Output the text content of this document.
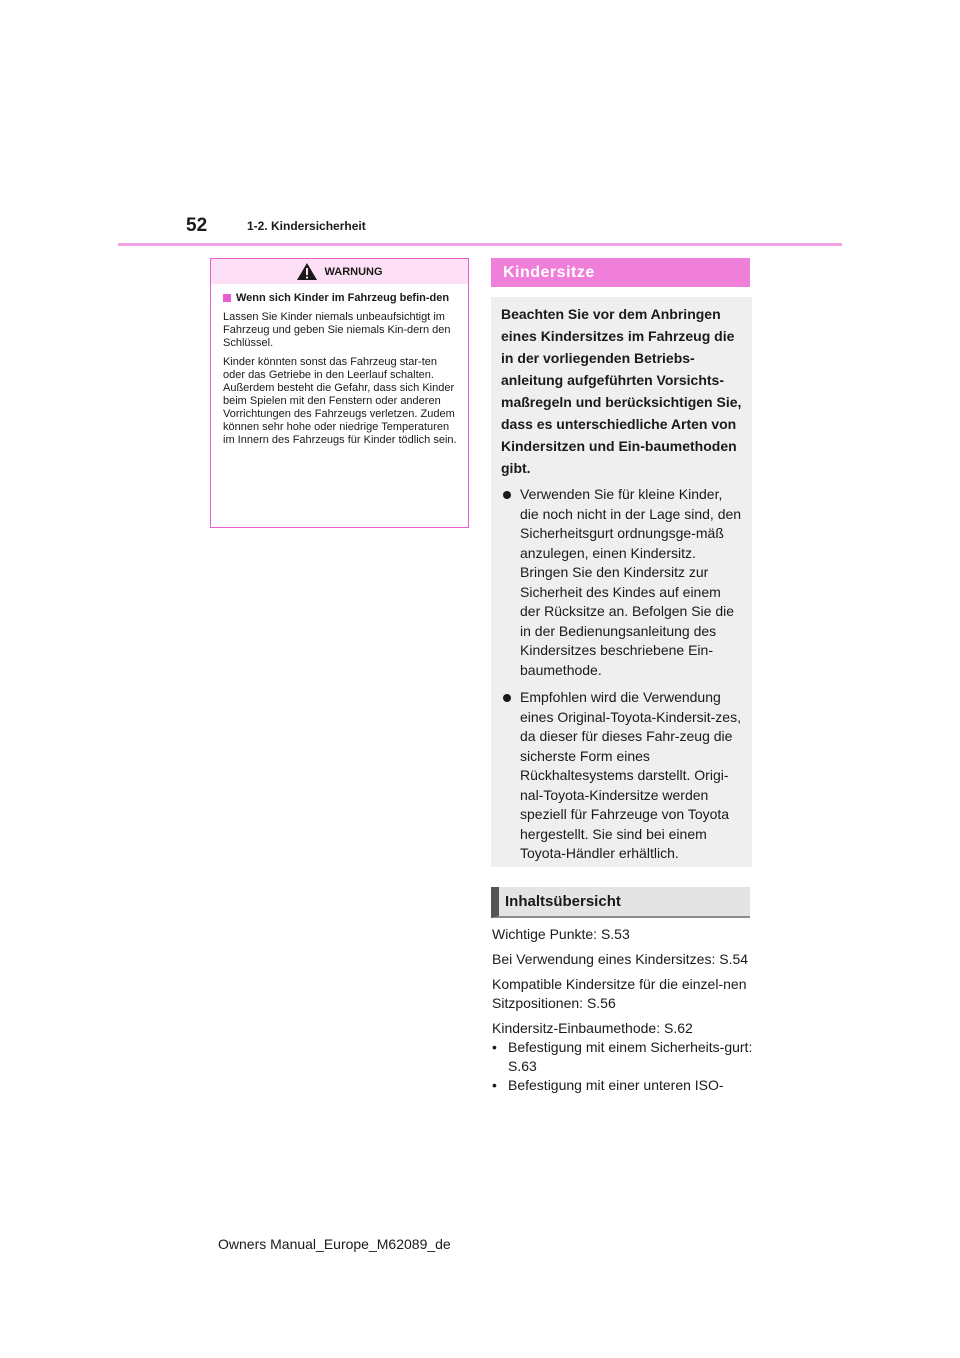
52	1-2. Kindersicherheit
WARNUNG
Wenn sich Kinder im Fahrzeug befin-den

Lassen Sie Kinder niemals unbeaufsichtigt im Fahrzeug und geben Sie niemals Kin-dern den Schlüssel.

Kinder könnten sonst das Fahrzeug star-ten oder das Getriebe in den Leerlauf schalten. Außerdem besteht die Gefahr, dass sich Kinder beim Spielen mit den Fenstern oder anderen Vorrichtungen des Fahrzeugs verletzen. Zudem können sehr hohe oder niedrige Temperaturen im Innern des Fahrzeugs für Kinder tödlich sein.

Kindersitze

Beachten Sie vor dem Anbringen eines Kindersitzes im Fahrzeug die in der vorliegenden Betriebs-anleitung aufgeführten Vorsichts-maßregeln und berücksichtigen Sie, dass es unterschiedliche Arten von Kindersitzen und Ein-baumethoden gibt.

Verwenden Sie für kleine Kinder, die noch nicht in der Lage sind, den Sicherheitsgurt ordnungsge-mäß anzulegen, einen Kindersitz. Bringen Sie den Kindersitz zur Sicherheit des Kindes auf einem der Rücksitze an. Befolgen Sie die in der Bedienungsanleitung des Kindersitzes beschriebene Ein-baumethode.
Empfohlen wird die Verwendung eines Original-Toyota-Kindersit-zes, da dieser für dieses Fahr-zeug die sicherste Form eines Rückhaltesystems darstellt. Origi-nal-Toyota-Kindersitze werden speziell für Fahrzeuge von Toyota hergestellt. Sie sind bei einem Toyota-Händler erhältlich.
Inhaltsübersicht
Wichtige Punkte: S.53
Bei Verwendung eines Kindersitzes: S.54
Kompatible Kindersitze für die einzel-nen Sitzpositionen: S.56
Kindersitz-Einbaumethode: S.62
• Befestigung mit einem Sicherheits-gurt: S.63
• Befestigung mit einer unteren ISO-
Owners Manual_Europe_M62089_de
